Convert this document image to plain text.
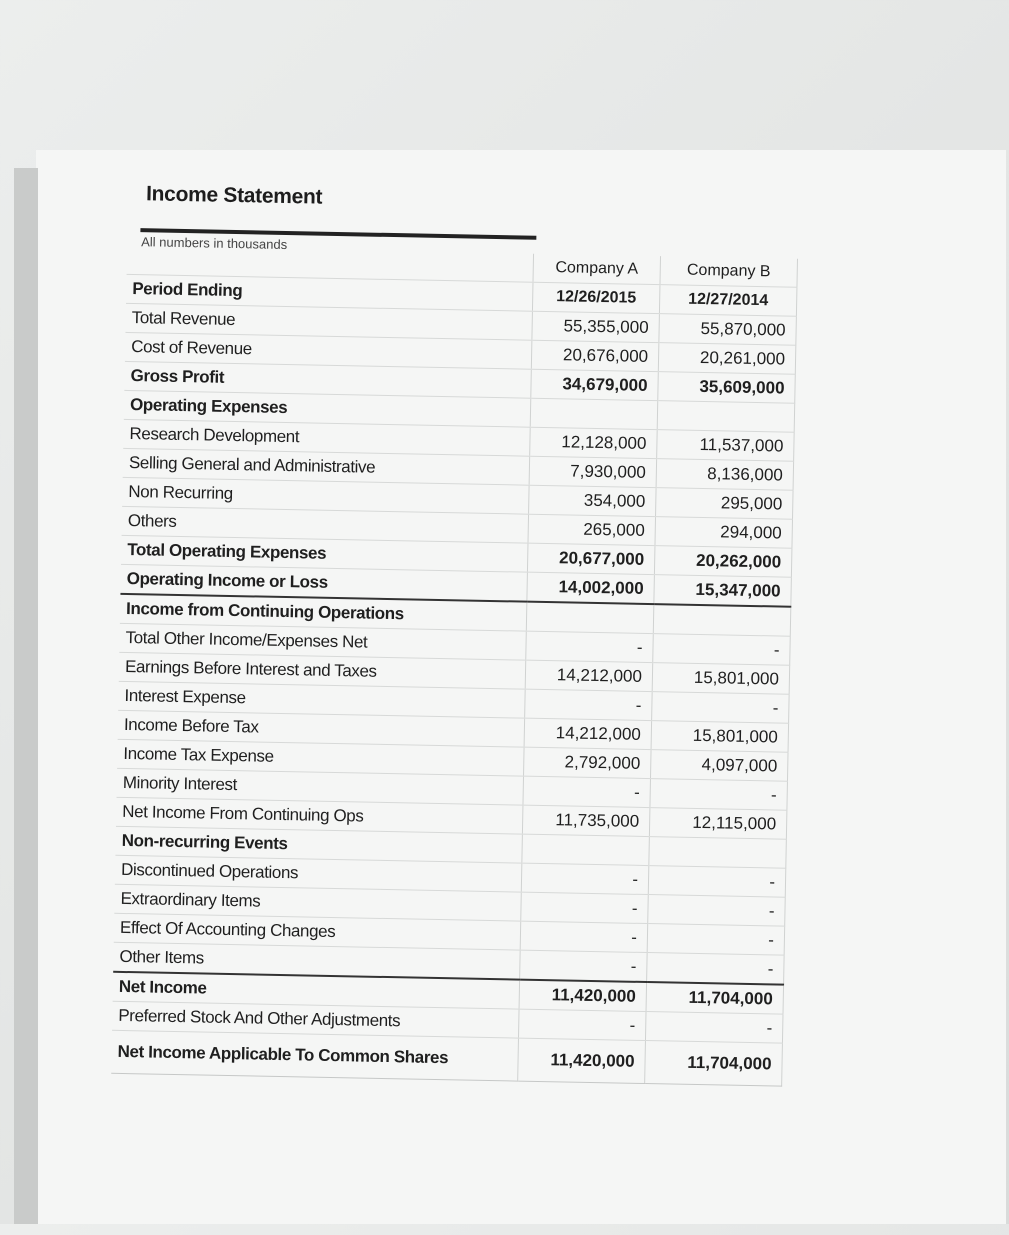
Income Statement
All numbers in thousands
	Company A	Company B
Period Ending	12/26/2015	12/27/2014
Total Revenue	55,355,000	55,870,000
Cost of Revenue	20,676,000	20,261,000
Gross Profit	34,679,000	35,609,000
Operating Expenses		
Research Development	12,128,000	11,537,000
Selling General and Administrative	7,930,000	8,136,000
Non Recurring	354,000	295,000
Others	265,000	294,000
Total Operating Expenses	20,677,000	20,262,000
Operating Income or Loss	14,002,000	15,347,000
Income from Continuing Operations		
Total Other Income/Expenses Net	-	-
Earnings Before Interest and Taxes	14,212,000	15,801,000
Interest Expense	-	-
Income Before Tax	14,212,000	15,801,000
Income Tax Expense	2,792,000	4,097,000
Minority Interest	-	-
Net Income From Continuing Ops	11,735,000	12,115,000
Non-recurring Events		
Discontinued Operations	-	-
Extraordinary Items	-	-
Effect Of Accounting Changes	-	-
Other Items	-	-
Net Income	11,420,000	11,704,000
Preferred Stock And Other Adjustments	-	-
Net Income Applicable To Common Shares	11,420,000	11,704,000
